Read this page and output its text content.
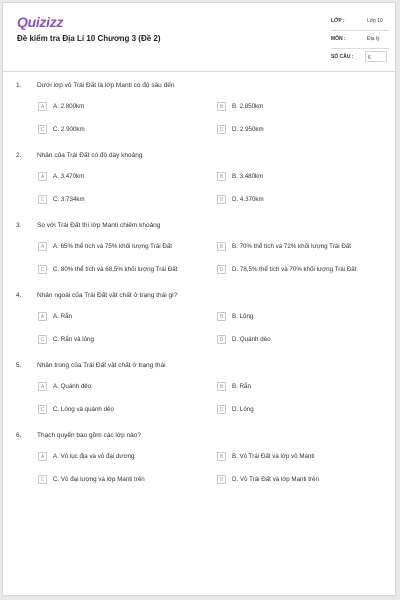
Quizizz
Đề kiểm tra Địa Lí 10 Chương 3 (Đề 2)
LỚP :	Lớp 10
MÔN :	Địa lý
SỐ CÂU :	6
1. Dưới lớp vỏ Trái Đất là lớp Manti có độ sâu đến
A	A. 2.800km	B	B. 2.850km
C	C. 2.900km	D	D. 2.950km
2. Nhân của Trái Đất có độ dày khoảng
A	A. 3.470km	B	B. 3.480km
C	C. 3.734km	D	D. 4.370km
3. So với Trái Đất thì lớp Manti chiếm khoảng
A	A. 65% thể tích và 75% khối lượng Trái Đất	B	B. 70% thể tích và 72% khối lượng Trái Đất
C	C. 80% thể tích và 68,5% khối lượng Trái Đất	D	D. 78,5% thể tích và 70% khối lượng Trái Đất
4. Nhân ngoài của Trái Đất vật chất ở trạng thái gì?
A	A. Rắn	B	B. Lỏng
C	C. Rắn và lỏng	D	D. Quánh dẻo
5. Nhân trong của Trái Đất vật chất ở trạng thái
A	A. Quánh dẻo	B	B. Rắn
C	C. Lỏng và quánh dẻo	D	D. Lỏng
6. Thạch quyển bao gồm các lớp nào?
A	A. Vỏ lục địa và vỏ đại dương	B	B. Vỏ Trái Đất và lớp vỏ Manti
C	C. Vỏ đại lượng và lớp Manti trên	D	D. Vỏ Trái Đất và lớp Manti trên
